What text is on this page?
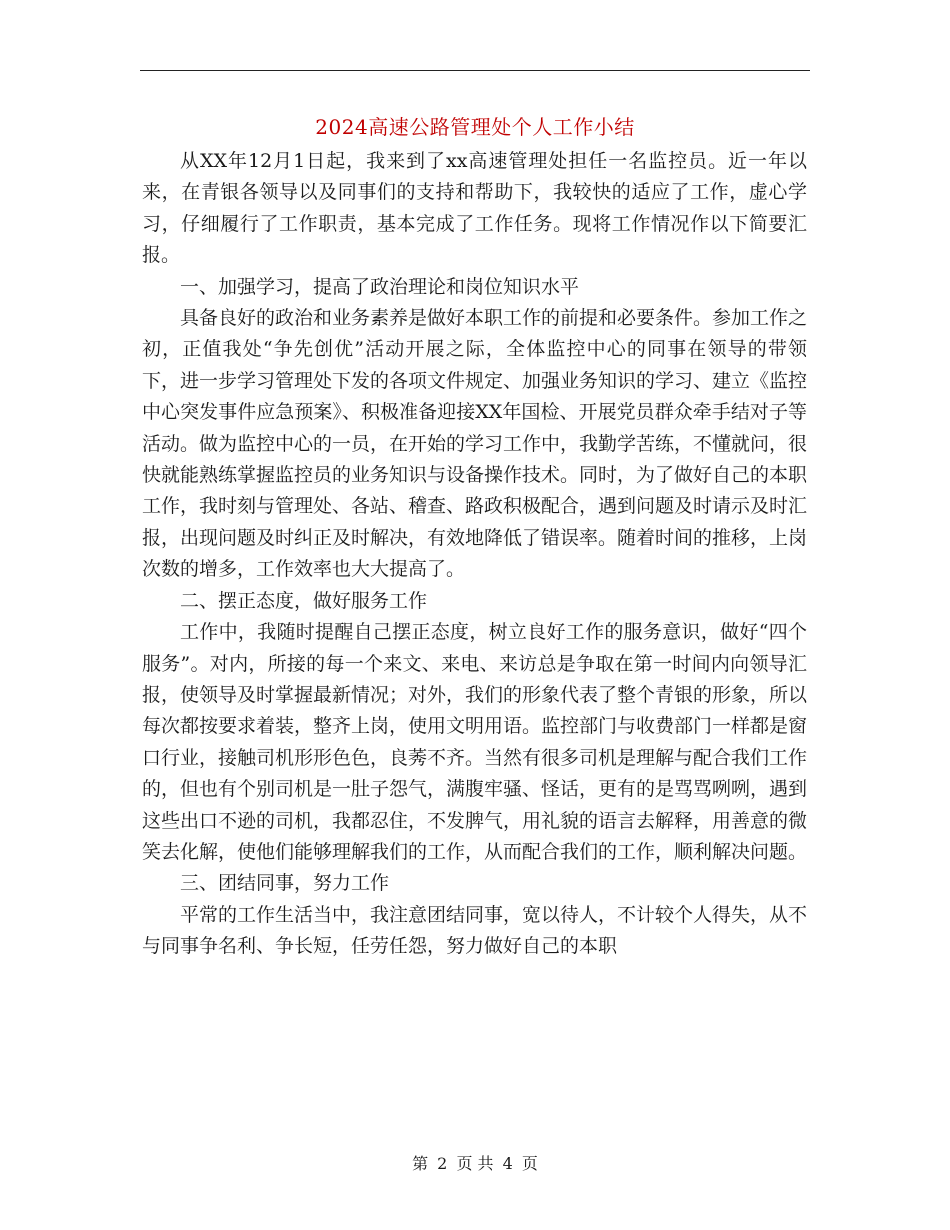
2024高速公路管理处个人工作小结

从XX年12月1日起，我来到了xx高速管理处担任一名监控员。近一年以来，在青银各领导以及同事们的支持和帮助下，我较快的适应了工作，虚心学习，仔细履行了工作职责，基本完成了工作任务。现将工作情况作以下简要汇报。

一、加强学习，提高了政治理论和岗位知识水平

具备良好的政治和业务素养是做好本职工作的前提和必要条件。参加工作之初，正值我处“争先创优”活动开展之际，全体监控中心的同事在领导的带领下，进一步学习管理处下发的各项文件规定、加强业务知识的学习、建立《监控中心突发事件应急预案》、积极准备迎接XX年国检、开展党员群众牵手结对子等活动。做为监控中心的一员，在开始的学习工作中，我勤学苦练，不懂就问，很快就能熟练掌握监控员的业务知识与设备操作技术。同时，为了做好自己的本职工作，我时刻与管理处、各站、稽查、路政积极配合，遇到问题及时请示及时汇报，出现问题及时纠正及时解决，有效地降低了错误率。随着时间的推移，上岗次数的增多，工作效率也大大提高了。

二、摆正态度，做好服务工作

工作中，我随时提醒自己摆正态度，树立良好工作的服务意识，做好“四个服务”。对内，所接的每一个来文、来电、来访总是争取在第一时间内向领导汇报，使领导及时掌握最新情况；对外，我们的形象代表了整个青银的形象，所以每次都按要求着装，整齐上岗，使用文明用语。监控部门与收费部门一样都是窗口行业，接触司机形形色色，良莠不齐。当然有很多司机是理解与配合我们工作的，但也有个别司机是一肚子怨气，满腹牢骚、怪话，更有的是骂骂咧咧，遇到这些出口不逊的司机，我都忍住，不发脾气，用礼貌的语言去解释，用善意的微笑去化解，使他们能够理解我们的工作，从而配合我们的工作，顺利解决问题。

三、团结同事，努力工作

平常的工作生活当中，我注意团结同事，宽以待人，不计较个人得失，从不与同事争名利、争长短，任劳任怨，努力做好自己的本职

第 2 页 共 4 页
